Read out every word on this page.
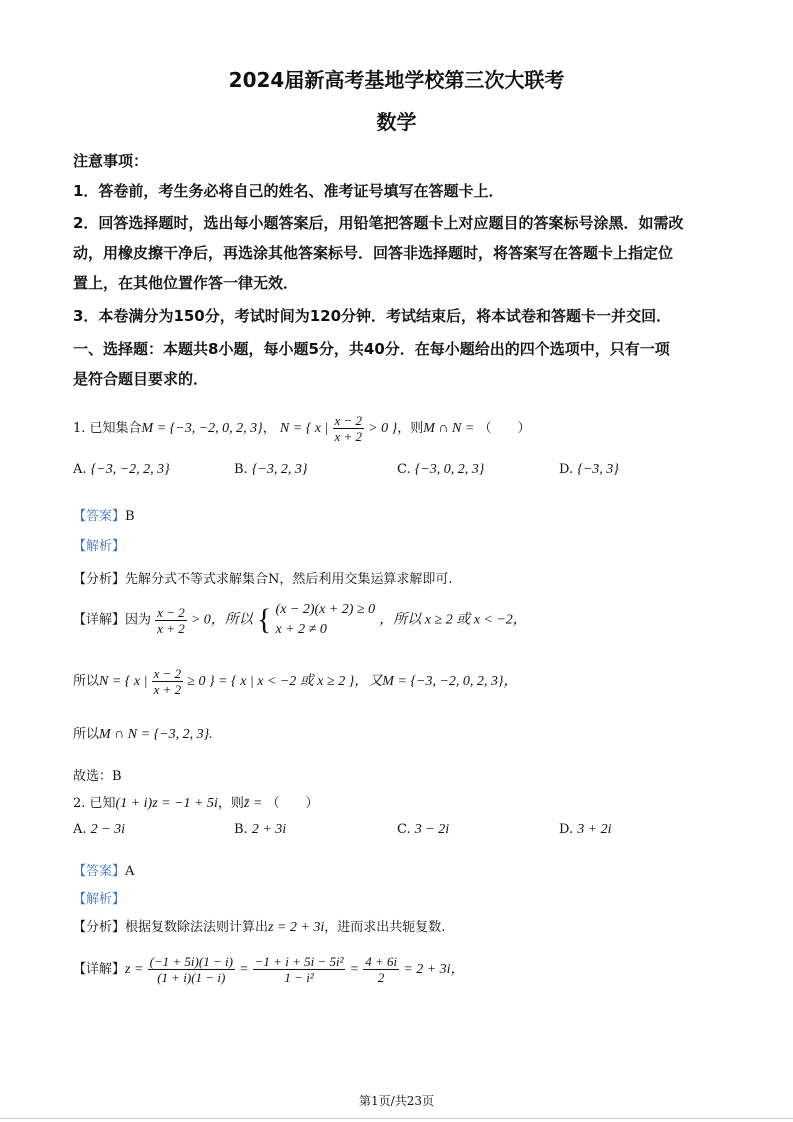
2024届新高考基地学校第三次大联考
数学
注意事项：
1．答卷前，考生务必将自己的姓名、准考证号填写在答题卡上．
2．回答选择题时，选出每小题答案后，用铅笔把答题卡上对应题目的答案标号涂黑．如需改
动，用橡皮擦干净后，再选涂其他答案标号．回答非选择题时，将答案写在答题卡上指定位
置上，在其他位置作答一律无效．
3．本卷满分为150分，考试时间为120分钟．考试结束后，将本试卷和答题卡一并交回．
一、选择题：本题共8小题，每小题5分，共40分．在每小题给出的四个选项中，只有一项
是符合题目要求的．
1. 已知集合M = {−3, −2, 0, 2, 3}， N = { x | $\frac{x - 2}{x + 2} > 0$ }，则M ∩ N = （　　）
A. {−3, −2, 2, 3}	B. {−3, 2, 3}	C. {−3, 0, 2, 3}	D. {−3, 3}
【答案】B
【解析】
【分析】先解分式不等式求解集合N，然后利用交集运算求解即可.
【详解】因为 $\frac{x - 2}{x + 2} > 0$，所以 { (x − 2)(x + 2) ≥ 0
x + 2 ≠ 0
，所以 x ≥ 2 或 x < −2，
所以N = { x | $\frac{x - 2}{x + 2} \ge 0$ } = { x | x < −2 或 x ≥ 2 }，又M = {−3, −2, 0, 2, 3}，
所以M ∩ N = {−3, 2, 3}.
故选：B
2. 已知(1 + i)z = −1 + 5i，则z̄ = （　　）
A. 2 − 3i	B. 2 + 3i	C. 3 − 2i	D. 3 + 2i
【答案】A
【解析】
【分析】根据复数除法法则计算出z = 2 + 3i，进而求出共轭复数.
【详解】$z = \frac{(-1 + 5i)(1 - i)}{(1 + i)(1 - i)} = \frac{\text{−1 + i + 5i − 5i²}}{\text{1 − i²}} = \frac{4 + 6i}{2} = 2 + 3i$，
第1页/共23页
